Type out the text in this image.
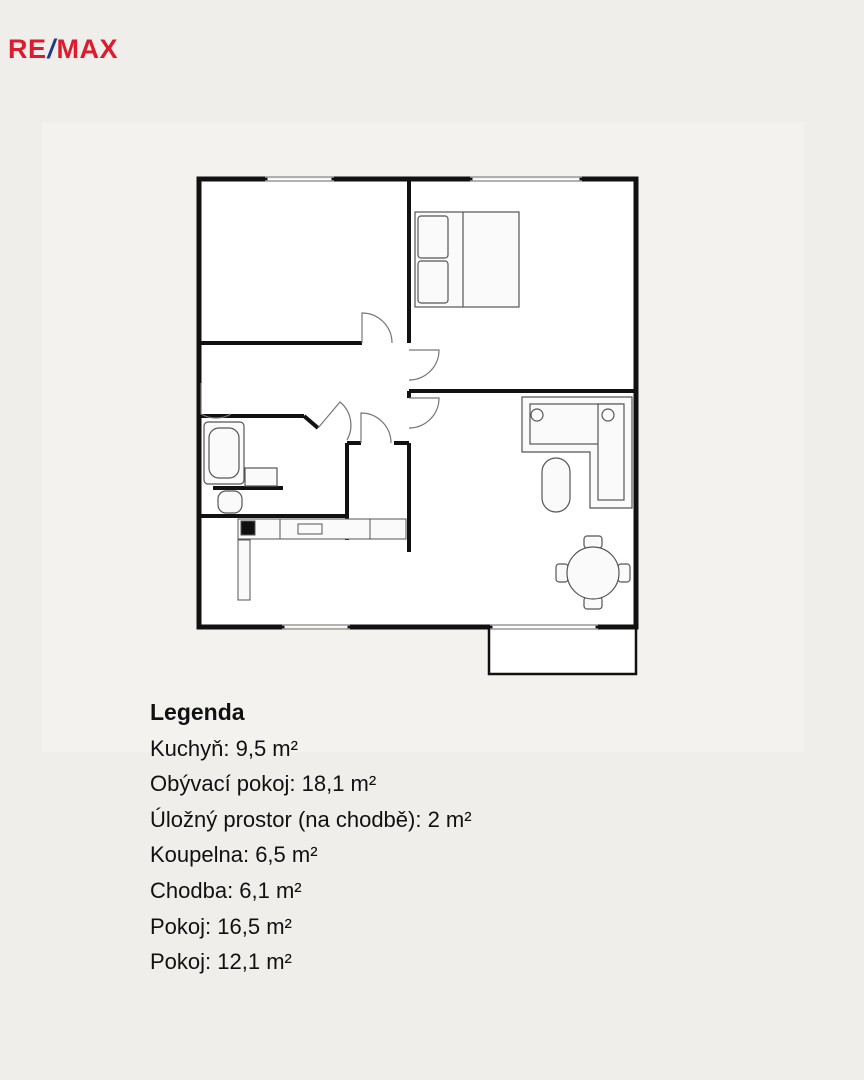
RE/MAX
Legenda
Kuchyň: 9,5 m²
Obývací pokoj: 18,1 m²
Úložný prostor (na chodbě): 2 m²
Koupelna: 6,5 m²
Chodba: 6,1 m²
Pokoj: 16,5 m²
Pokoj: 12,1 m²
